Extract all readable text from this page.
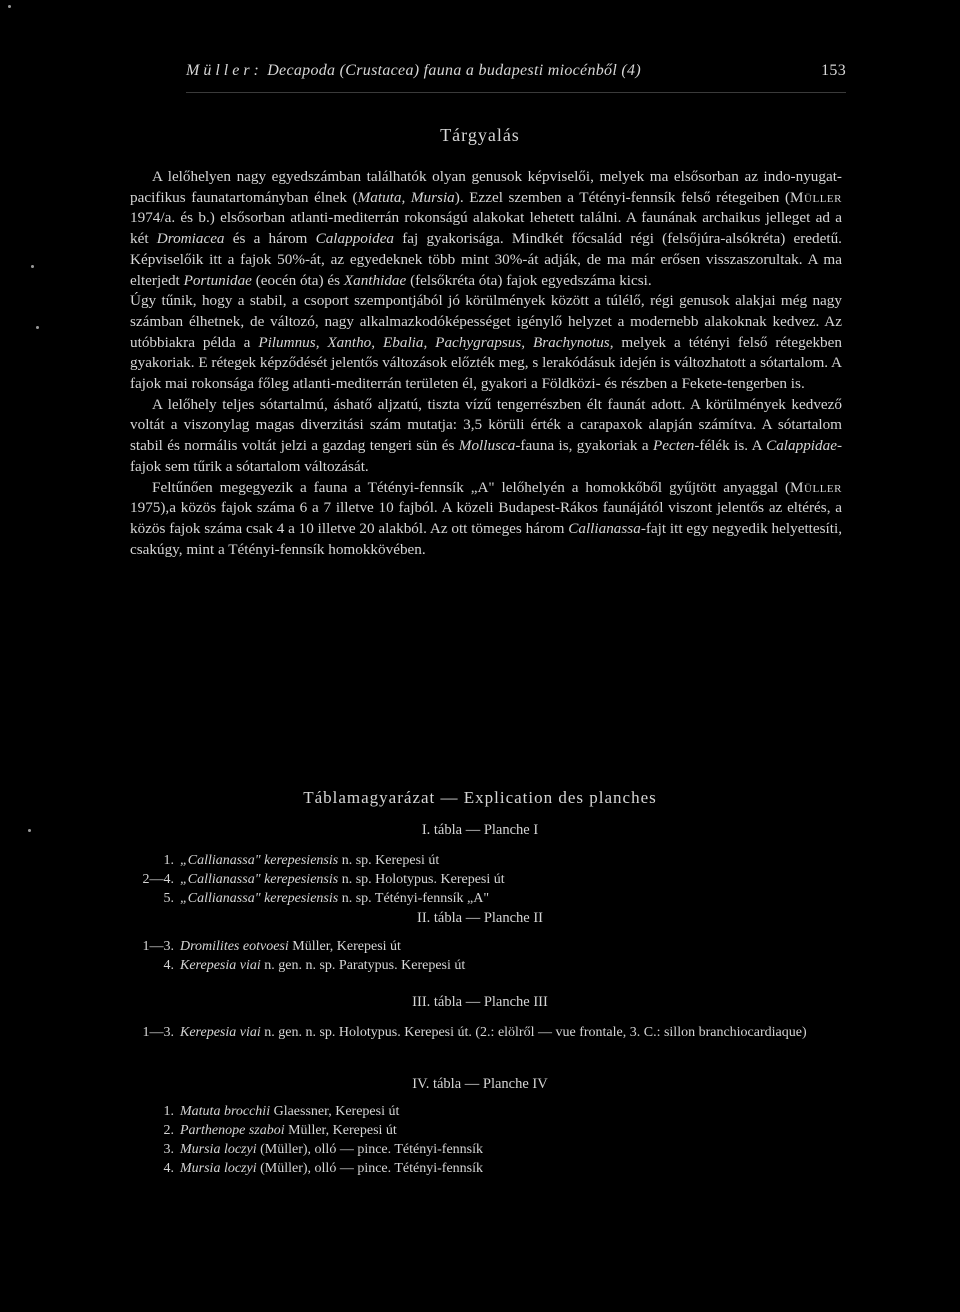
Müller: Decapoda (Crustacea) fauna a budapesti miocénből (4)	153
Tárgyalás

A lelőhelyen nagy egyedszámban találhatók olyan genusok képviselői, melyek ma elsősorban az indo-nyugat-pacifikus faunatartományban élnek (Matuta, Mursia). Ezzel szemben a Tétényi-fennsík felső rétegeiben (Müller 1974/a. és b.) elsősorban atlanti-mediterrán rokonságú alakokat lehetett találni. A faunának archaikus jelleget ad a két Dromiacea és a három Calappoidea faj gyakorisága. Mindkét főcsalád régi (felsőjúra-alsókréta) eredetű. Képviselőik itt a fajok 50%-át, az egyedeknek több mint 30%-át adják, de ma már erősen visszaszorultak. A ma elterjedt Portunidae (eocén óta) és Xanthidae (felsőkréta óta) fajok egyedszáma kicsi.

Úgy tűnik, hogy a stabil, a csoport szempontjából jó körülmények között a túlélő, régi genusok alakjai még nagy számban élhetnek, de változó, nagy alkalmazkodóképességet igénylő helyzet a modernebb alakoknak kedvez. Az utóbbiakra példa a Pilumnus, Xantho, Ebalia, Pachygrapsus, Brachynotus, melyek a tétényi felső rétegekben gyakoriak. E rétegek képződését jelentős változások előzték meg, s lerakódásuk idején is változhatott a sótartalom. A fajok mai rokonsága főleg atlanti-mediterrán területen él, gyakori a Földközi- és részben a Fekete-tengerben is.

A lelőhely teljes sótartalmú, áshatő aljzatú, tiszta vízű tengerrészben élt faunát adott. A körülmények kedvező voltát a viszonylag magas diverzitási szám mutatja: 3,5 körüli érték a carapaxok alapján számítva. A sótartalom stabil és normális voltát jelzi a gazdag tengeri sün és Mollusca-fauna is, gyakoriak a Pecten-félék is. A Calappidae-fajok sem tűrik a sótartalom változását.

Feltűnően megegyezik a fauna a Tétényi-fennsík „A" lelőhelyén a homokkőből gyűjtött anyaggal (Müller 1975),a közös fajok száma 6 a 7 illetve 10 fajból. A közeli Budapest-Rákos faunájától viszont jelentős az eltérés, a közös fajok száma csak 4 a 10 illetve 20 alakból. Az ott tömeges három Callianassa-fajt itt egy negyedik helyettesíti, csakúgy, mint a Tétényi-fennsík homokkövében.

Táblamagyarázat — Explication des planches
I. tábla — Planche I
1. „Callianassa" kerepesiensis n. sp. Kerepesi út
2—4. „Callianassa" kerepesiensis n. sp. Holotypus. Kerepesi út
5. „Callianassa" kerepesiensis n. sp. Tétényi-fennsík „A"
II. tábla — Planche II
1—3. Dromilites eotvoesi Müller, Kerepesi út
4. Kerepesia viai n. gen. n. sp. Paratypus. Kerepesi út
III. tábla — Planche III
1—3. Kerepesia viai n. gen. n. sp. Holotypus. Kerepesi út. (2.: elölről — vue frontale, 3. C.: sillon branchiocardiaque)
IV. tábla — Planche IV
1. Matuta brocchii Glaessner, Kerepesi út
2. Parthenope szaboi Müller, Kerepesi út
3. Mursia loczyi (Müller), olló — pince. Tétényi-fennsík
4. Mursia loczyi (Müller), olló — pince. Tétényi-fennsík
